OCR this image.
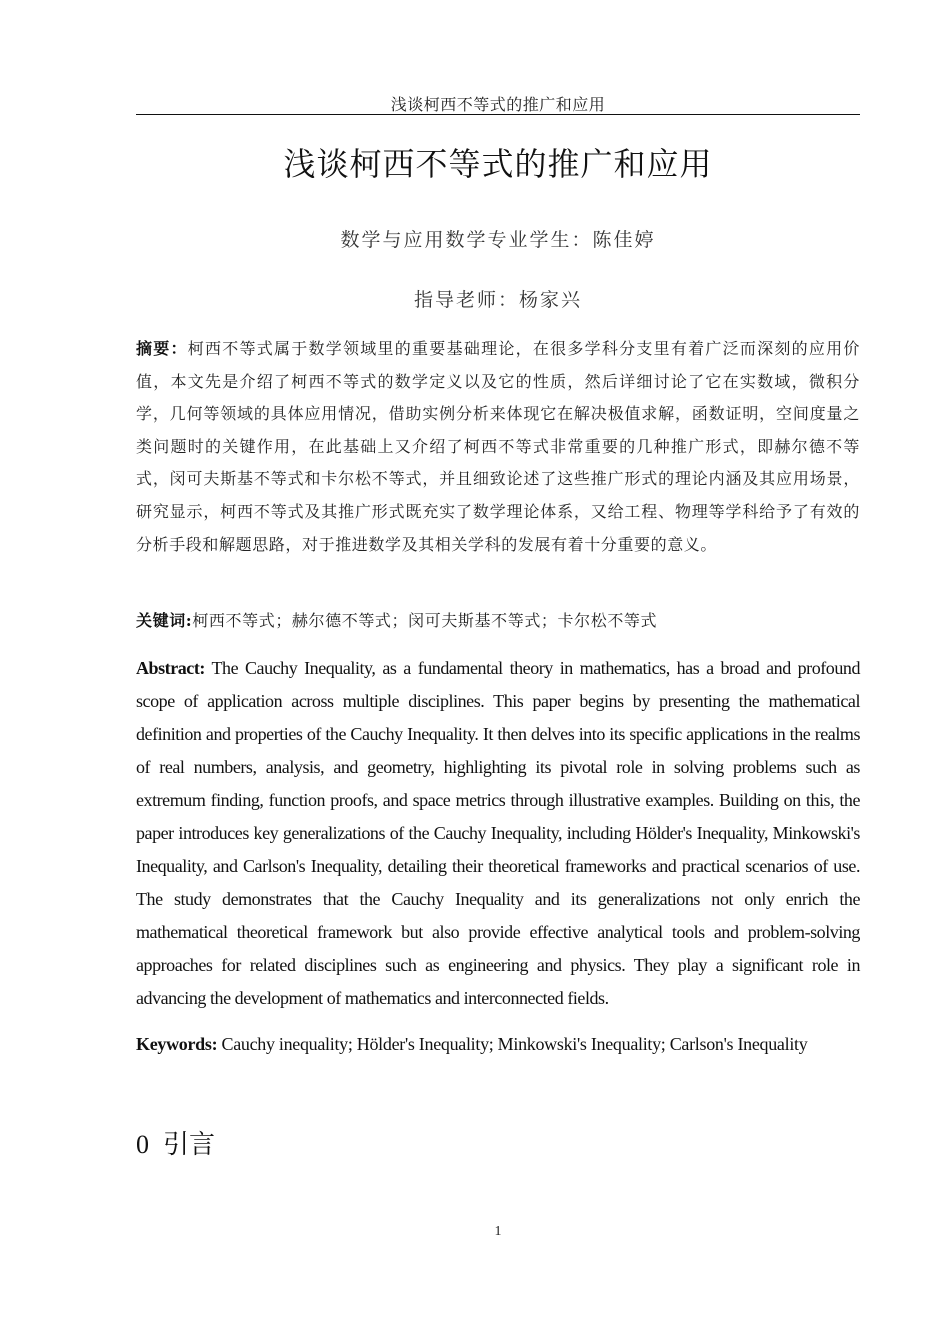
浅谈柯西不等式的推广和应用
浅谈柯西不等式的推广和应用
数学与应用数学专业学生：陈佳婷
指导老师：杨家兴
摘要：柯西不等式属于数学领域里的重要基础理论，在很多学科分支里有着广泛而深刻的应用价值，本文先是介绍了柯西不等式的数学定义以及它的性质，然后详细讨论了它在实数域，微积分学，几何等领域的具体应用情况，借助实例分析来体现它在解决极值求解，函数证明，空间度量之类问题时的关键作用，在此基础上又介绍了柯西不等式非常重要的几种推广形式，即赫尔德不等式，闵可夫斯基不等式和卡尔松不等式，并且细致论述了这些推广形式的理论内涵及其应用场景，研究显示，柯西不等式及其推广形式既充实了数学理论体系，又给工程、物理等学科给予了有效的分析手段和解题思路，对于推进数学及其相关学科的发展有着十分重要的意义。
关键词:柯西不等式；赫尔德不等式；闵可夫斯基不等式；卡尔松不等式
Abstract: The Cauchy Inequality, as a fundamental theory in mathematics, has a broad and profound scope of application across multiple disciplines. This paper begins by presenting the mathematical definition and properties of the Cauchy Inequality. It then delves into its specific applications in the realms of real numbers, analysis, and geometry, highlighting its pivotal role in solving problems such as extremum finding, function proofs, and space metrics through illustrative examples. Building on this, the paper introduces key generalizations of the Cauchy Inequality, including Hölder's Inequality, Minkowski's Inequality, and Carlson's Inequality, detailing their theoretical frameworks and practical scenarios of use. The study demonstrates that the Cauchy Inequality and its generalizations not only enrich the mathematical theoretical framework but also provide effective analytical tools and problem-solving approaches for related disciplines such as engineering and physics. They play a significant role in advancing the development of mathematics and interconnected fields.
Keywords: Cauchy inequality; Hölder's Inequality; Minkowski's Inequality; Carlson's Inequality
0 引言
1
